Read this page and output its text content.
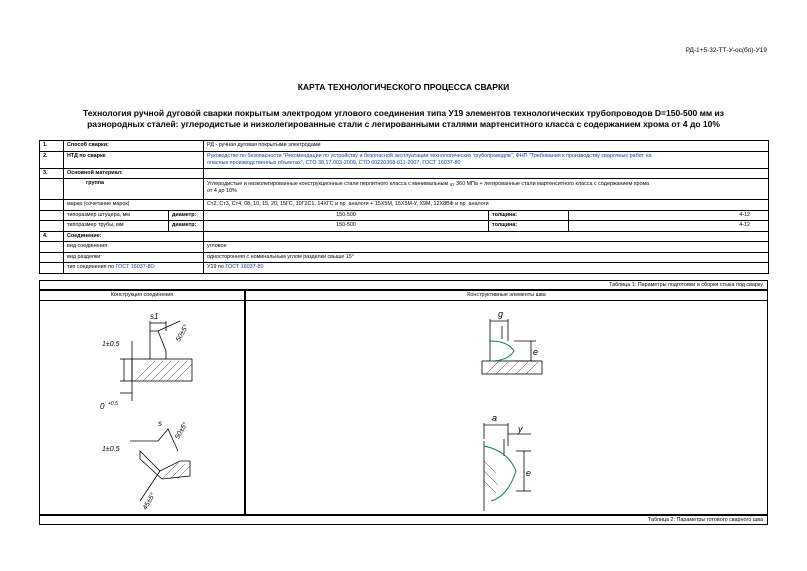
РД-1+5-32-ТТ-У-ос(бп)-У19
КАРТА ТЕХНОЛОГИЧЕСКОГО ПРОЦЕССА СВАРКИ
Технология ручной дуговой сварки покрытым электродом углового соединения типа У19 элементов технологических трубопроводов D=150-500 мм из
разнородных сталей: углеродистые и низколегированные стали с легированными сталями мартенситного класса с содержанием хрома от 4 до 10%
1.	Способ сварки:		РД - ручная дуговая покрытыми электродами		
2.	НТД по сварке		Руководство по безопасности "Рекомендации по устройству и безопасной эксплуатации технологических трубопроводов", ФНП "Требования к производству сварочных работ на
опасных производственных объектах", СТО 38.17.003-2009, СТО 00220368-011-2007, ГОСТ 16037-80		

3.	Основной материал:				
	группа		Углеродистые и низколегированные конструкционные стали перлитного класса с минимальным σт 360 МПа + легированные стали мартенситного класса с содержанием хрома
от 4 до 10%		

	марка (сочетание марок)		Ст2, Ст3, Ст4, 08, 10, 15, 20, 15ГС, 10Г2С1, 14ХГС и пр. аналоги + 15Х5М, 15Х5М-У, Х9М, 12Х8ВФ и пр. аналоги		
	типоразмер штуцера, мм	диаметр:	150-500	толщина:	4-12
	типоразмер трубы, мм	диаметр:	150-500	толщина:	4-12
4.	Соединение:				
	вид соединения:		угловое		
	вид разделки:		односторонняя с номинальным углом разделки свыше 15°		
	тип соединения по ГОСТ 16037-80:		У19 по ГОСТ 16037-80		
Таблица 1: Параметры подготовки и сборки стыка под сварку
Конструкция соединения
s1
50±5°
1±0.5
0 +0.5
1±0.5
50±5°
45±5°
s
Конструктивные элементы шва
g
e
a
y
e
Таблица 2: Параметры готового сварного шва
